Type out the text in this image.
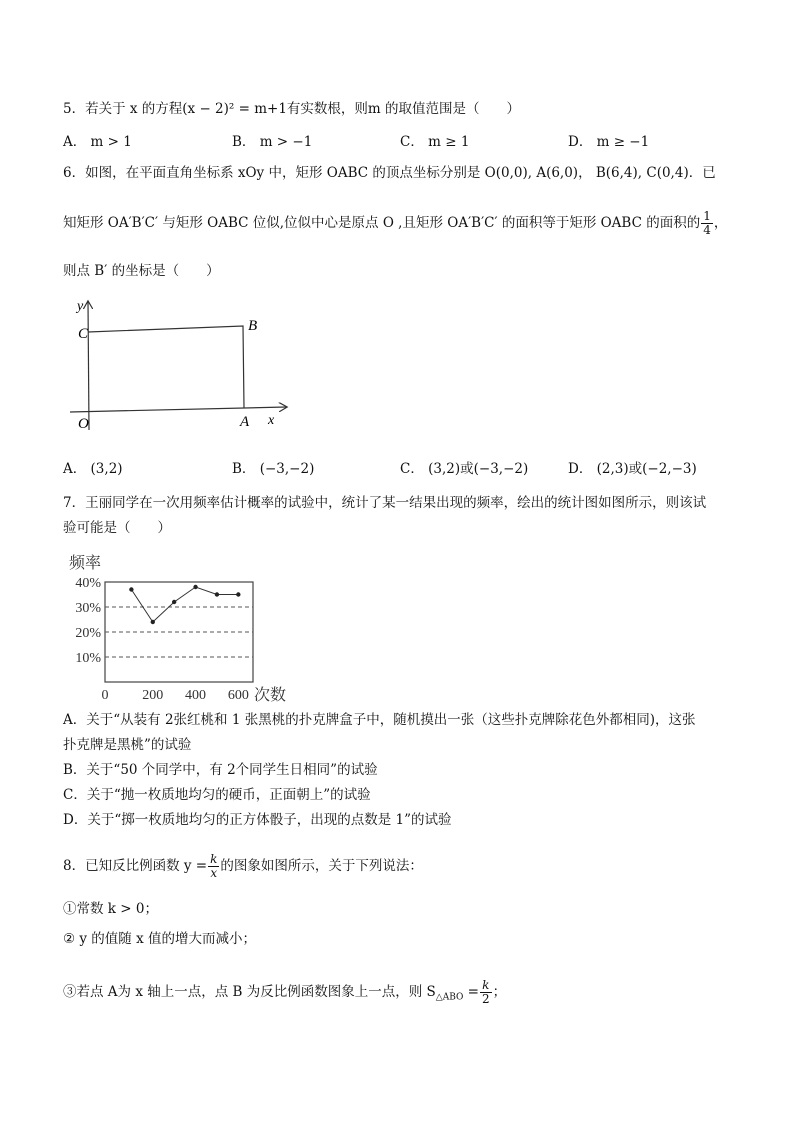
5．若关于 x 的方程(x − 2)² = m+1有实数根，则m 的取值范围是（　　）
A． m > 1	B． m > −1	C． m ≥ 1	D． m ≥ −1
6．如图，在平面直角坐标系 xOy 中，矩形 OABC 的顶点坐标分别是 O(0,0), A(6,0)， B(6,4), C(0,4)．已
知矩形 OA′B′C′ 与矩形 OABC 位似,位似中心是原点 O ,且矩形 OA′B′C′ 的面积等于矩形 OABC 的面积的 $\frac{1}{4}$ ，
则点 B′ 的坐标是（　　）
y
C	B
O	A x
A． (3,2)	B． (−3,−2)	C． (3,2)或(−3,−2)	D． (2,3)或(−2,−3)
7．王丽同学在一次用频率估计概率的试验中，统计了某一结果出现的频率，绘出的统计图如图所示，则该试
验可能是（　　）
10%
20%
30%
40%
0 200 400 600
频率
次数
A．关于“从装有 2张红桃和 1 张黑桃的扑克牌盒子中，随机摸出一张（这些扑克牌除花色外都相同)，这张
扑克牌是黑桃”的试验
B．关于“50 个同学中，有 2个同学生日相同”的试验
C．关于“抛一枚质地均匀的硬币，正面朝上”的试验
D．关于“掷一枚质地均匀的正方体骰子，出现的点数是 1”的试验
8．已知反比例函数 $y = \frac{k}{x}$ 的图象如图所示，关于下列说法：
①常数 k > 0；
② y 的值随 x 值的增大而减小；
③若点 A为 x 轴上一点，点 B 为反比例函数图象上一点，则 $S_{\triangle ABO} = \frac{k}{2}$ ；
